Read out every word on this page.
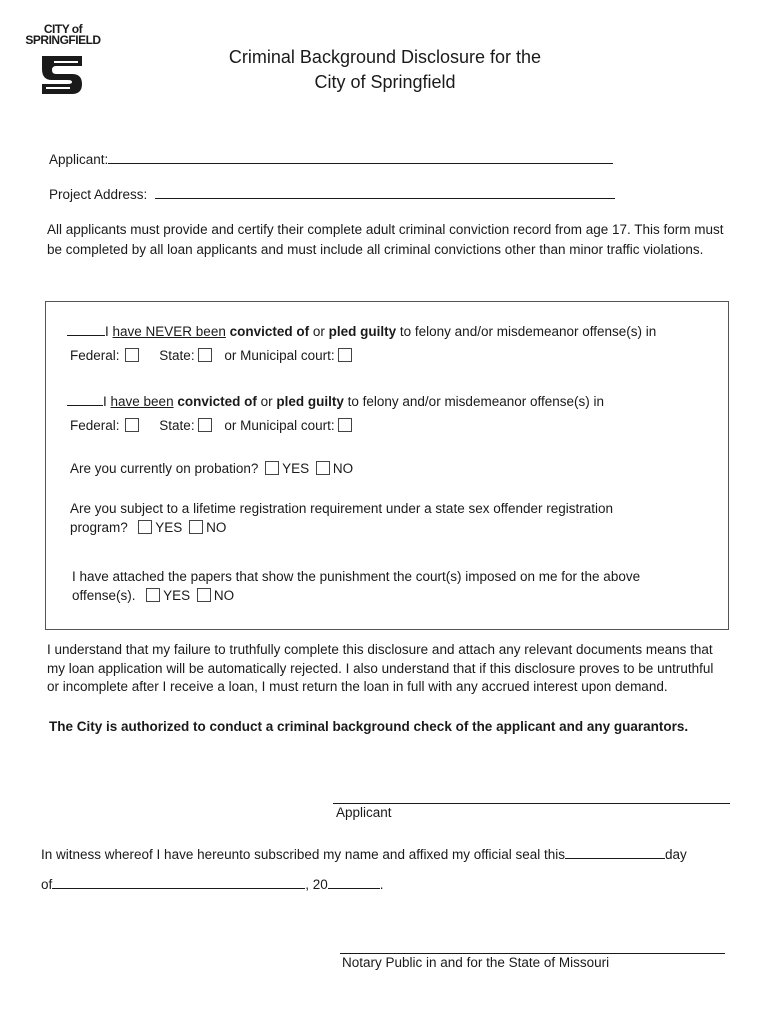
CITY of
SPRINGFIELD
Criminal Background Disclosure for the
City of Springfield
Applicant:
Project Address:
All applicants must provide and certify their complete adult criminal conviction record from age 17. This form must be completed by all loan applicants and must include all criminal convictions other than minor traffic violations.
I have NEVER been convicted of or pled guilty to felony and/or misdemeanor offense(s) in
Federal:	State: or Municipal court:
I have been convicted of or pled guilty to felony and/or misdemeanor offense(s) in
Federal:	State: or Municipal court:
Are you currently on probation? YES NO
Are you subject to a lifetime registration requirement under a state sex offender registration
program? YES NO
I have attached the papers that show the punishment the court(s) imposed on me for the above
offense(s). YES NO
I understand that my failure to truthfully complete this disclosure and attach any relevant documents means that my loan application will be automatically rejected. I also understand that if this disclosure proves to be untruthful or incomplete after I receive a loan, I must return the loan in full with any accrued interest upon demand.
The City is authorized to conduct a criminal background check of the applicant and any guarantors.
Applicant
In witness whereof I have hereunto subscribed my name and affixed my official seal this	day
of	, 20	.
Notary Public in and for the State of Missouri
